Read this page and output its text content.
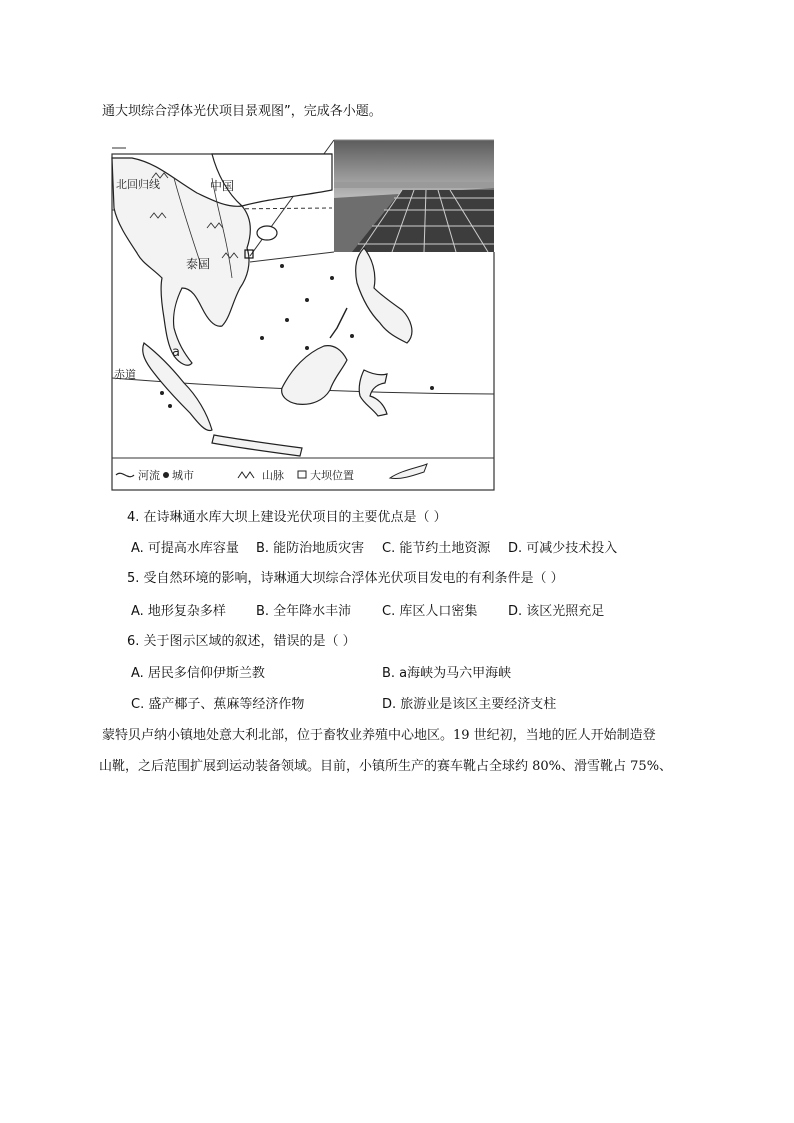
通大坝综合浮体光伏项目景观图”，完成各小题。
北回归线	中国
泰国
a
赤道
河流 城市	山脉 大坝位置
4. 在诗琳通水库大坝上建设光伏项目的主要优点是（ ）
A. 可提高水库容量 B. 能防治地质灾害 C. 能节约土地资源 D. 可减少技术投入
5. 受自然环境的影响，诗琳通大坝综合浮体光伏项目发电的有利条件是（ ）
A. 地形复杂多样 B. 全年降水丰沛 C. 库区人口密集 D. 该区光照充足
6. 关于图示区域的叙述，错误的是（ ）
A. 居民多信仰伊斯兰教	B. a海峡为马六甲海峡
C. 盛产椰子、蕉麻等经济作物	D. 旅游业是该区主要经济支柱
蒙特贝卢纳小镇地处意大利北部，位于畜牧业养殖中心地区。19 世纪初，当地的匠人开始制造登
山靴，之后范围扩展到运动装备领域。目前，小镇所生产的赛车靴占全球约 80%、滑雪靴占 75%、
